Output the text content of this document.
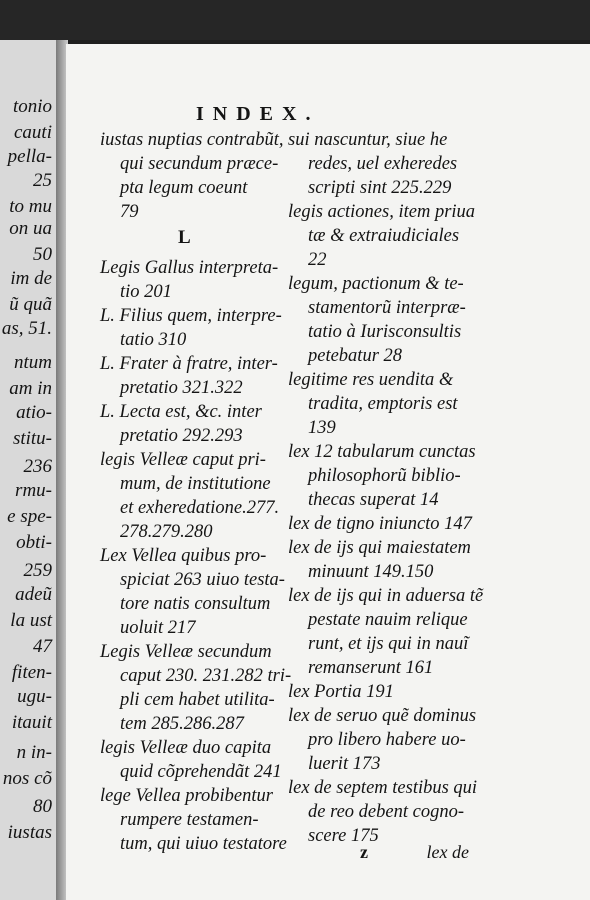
tonio

cauti

pella-

25

to mu

on ua

50

im de

ũ quã

as, 51.

ntum

am in

atio-

stitu-

236

rmu-

e spe-

obti-

259

adeũ

la ust

47

fiten-

ugu-

itauit

n in-

nos cõ

80

iustas

INDEX.
iustas nuptias contrabũt,
qui secundum præce-
pta legum coeunt
79
L
Legis Gallus interpreta-
tio 201
L. Filius quem, interpre-
tatio 310
L. Frater à fratre, inter-
pretatio 321.322
L. Lecta est, &c. inter
pretatio 292.293
legis Velleæ caput pri-
mum, de institutione
et exheredatione.277.
278.279.280
Lex Vellea quibus pro-
spiciat 263 uiuo testa-
tore natis consultum
uoluit 217
Legis Velleæ secundum
caput 230. 231.282 tri-
pli cem habet utilita-
tem 285.286.287
legis Velleæ duo capita
quid cõprehendãt 241
lege Vellea probibentur
rumpere testamen-
tum, qui uiuo testatore
sui nascuntur, siue he
redes, uel exheredes
scripti sint 225.229
legis actiones, item priua
tæ & extraiudiciales
22
legum, pactionum & te-
stamentorũ interpræ-
tatio à Iurisconsultis
petebatur 28
legitime res uendita &
tradita, emptoris est
139
lex 12 tabularum cunctas
philosophorũ biblio-
thecas superat 14
lex de tigno iniuncto 147
lex de ijs qui maiestatem
minuunt 149.150
lex de ijs qui in aduersa tẽ
pestate nauim relique
runt, et ijs qui in nauĩ
remanserunt 161
lex Portia 191
lex de seruo quẽ dominus
pro libero habere uo-
luerit 173
lex de septem testibus qui
de reo debent cogno-
scere 175

z	lex de
